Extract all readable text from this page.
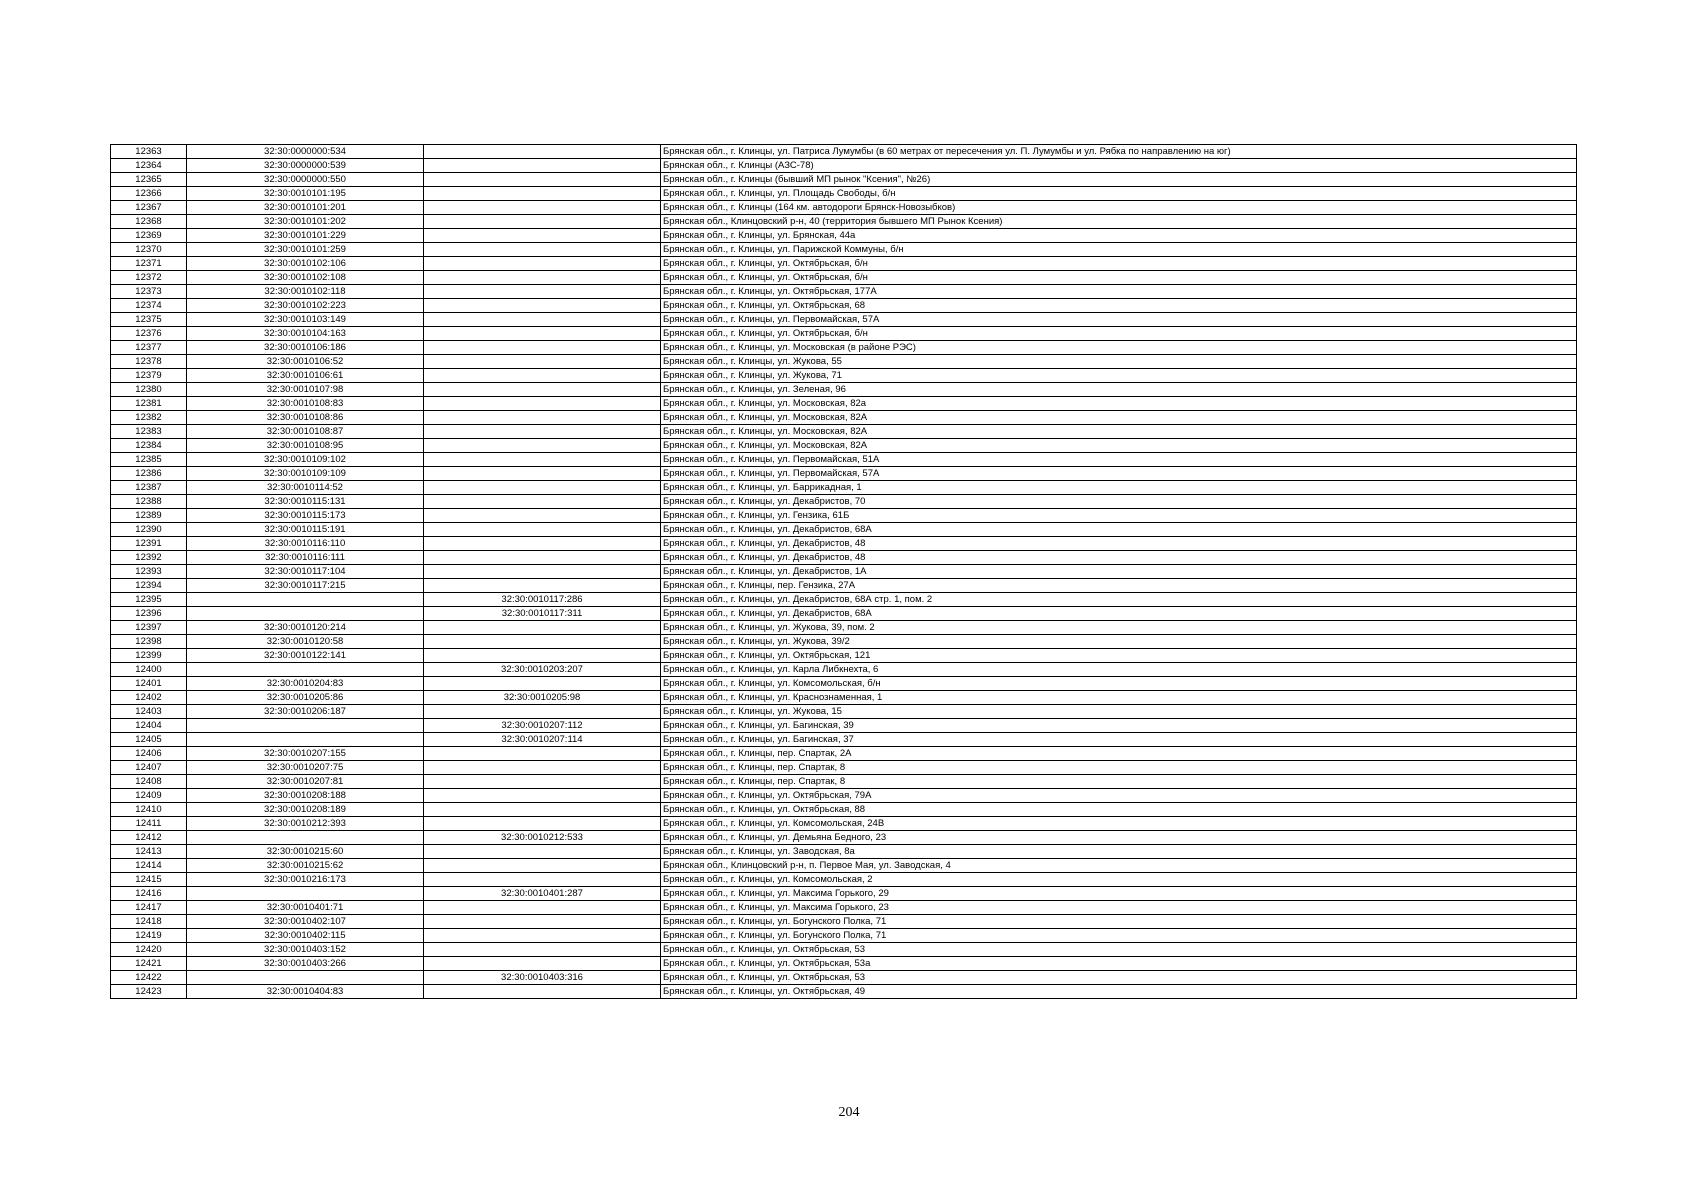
12363	32:30:0000000:534		Брянская обл., г. Клинцы, ул. Патриса Лумумбы (в 60 метрах от пересечения ул. П. Лумумбы и ул. Рябка по направлению на юг)
12364	32:30:0000000:539		Брянская обл., г. Клинцы (АЗС-78)
12365	32:30:0000000:550		Брянская обл., г. Клинцы (бывший МП рынок "Ксения", №26)
12366	32:30:0010101:195		Брянская обл., г. Клинцы, ул. Площадь Свободы, б/н
12367	32:30:0010101:201		Брянская обл., г. Клинцы (164 км. автодороги Брянск-Новозыбков)
12368	32:30:0010101:202		Брянская обл., Клинцовский р-н, 40 (территория бывшего МП Рынок Ксения)
12369	32:30:0010101:229		Брянская обл., г. Клинцы, ул. Брянская, 44а
12370	32:30:0010101:259		Брянская обл., г. Клинцы, ул. Парижской Коммуны, б/н
12371	32:30:0010102:106		Брянская обл., г. Клинцы, ул. Октябрьская, б/н
12372	32:30:0010102:108		Брянская обл., г. Клинцы, ул. Октябрьская, б/н
12373	32:30:0010102:118		Брянская обл., г. Клинцы, ул. Октябрьская, 177А
12374	32:30:0010102:223		Брянская обл., г. Клинцы, ул. Октябрьская, 68
12375	32:30:0010103:149		Брянская обл., г. Клинцы, ул. Первомайская, 57А
12376	32:30:0010104:163		Брянская обл., г. Клинцы, ул. Октябрьская, б/н
12377	32:30:0010106:186		Брянская обл., г. Клинцы, ул. Московская (в районе РЭС)
12378	32:30:0010106:52		Брянская обл., г. Клинцы, ул. Жукова, 55
12379	32:30:0010106:61		Брянская обл., г. Клинцы, ул. Жукова, 71
12380	32:30:0010107:98		Брянская обл., г. Клинцы, ул. Зеленая, 96
12381	32:30:0010108:83		Брянская обл., г. Клинцы, ул. Московская, 82а
12382	32:30:0010108:86		Брянская обл., г. Клинцы, ул. Московская, 82А
12383	32:30:0010108:87		Брянская обл., г. Клинцы, ул. Московская, 82А
12384	32:30:0010108:95		Брянская обл., г. Клинцы, ул. Московская, 82А
12385	32:30:0010109:102		Брянская обл., г. Клинцы, ул. Первомайская, 51А
12386	32:30:0010109:109		Брянская обл., г. Клинцы, ул. Первомайская, 57А
12387	32:30:0010114:52		Брянская обл., г. Клинцы, ул. Баррикадная, 1
12388	32:30:0010115:131		Брянская обл., г. Клинцы, ул. Декабристов, 70
12389	32:30:0010115:173		Брянская обл., г. Клинцы, ул. Гензика, 61Б
12390	32:30:0010115:191		Брянская обл., г. Клинцы, ул. Декабристов, 68А
12391	32:30:0010116:110		Брянская обл., г. Клинцы, ул. Декабристов, 48
12392	32:30:0010116:111		Брянская обл., г. Клинцы, ул. Декабристов, 48
12393	32:30:0010117:104		Брянская обл., г. Клинцы, ул. Декабристов, 1А
12394	32:30:0010117:215		Брянская обл., г. Клинцы, пер. Гензика, 27А
12395		32:30:0010117:286	Брянская обл., г. Клинцы, ул. Декабристов, 68А стр. 1, пом. 2
12396		32:30:0010117:311	Брянская обл., г. Клинцы, ул. Декабристов, 68А
12397	32:30:0010120:214		Брянская обл., г. Клинцы, ул. Жукова, 39, пом. 2
12398	32:30:0010120:58		Брянская обл., г. Клинцы, ул. Жукова, 39/2
12399	32:30:0010122:141		Брянская обл., г. Клинцы, ул. Октябрьская, 121
12400		32:30:0010203:207	Брянская обл., г. Клинцы, ул. Карла Либкнехта, 6
12401	32:30:0010204:83		Брянская обл., г. Клинцы, ул. Комсомольская, б/н
12402	32:30:0010205:86	32:30:0010205:98	Брянская обл., г. Клинцы, ул. Краснознаменная, 1
12403	32:30:0010206:187		Брянская обл., г. Клинцы, ул. Жукова, 15
12404		32:30:0010207:112	Брянская обл., г. Клинцы, ул. Багинская, 39
12405		32:30:0010207:114	Брянская обл., г. Клинцы, ул. Багинская, 37
12406	32:30:0010207:155		Брянская обл., г. Клинцы, пер. Спартак, 2А
12407	32:30:0010207:75		Брянская обл., г. Клинцы, пер. Спартак, 8
12408	32:30:0010207:81		Брянская обл., г. Клинцы, пер. Спартак, 8
12409	32:30:0010208:188		Брянская обл., г. Клинцы, ул. Октябрьская, 79А
12410	32:30:0010208:189		Брянская обл., г. Клинцы, ул. Октябрьская, 88
12411	32:30:0010212:393		Брянская обл., г. Клинцы, ул. Комсомольская, 24В
12412		32:30:0010212:533	Брянская обл., г. Клинцы, ул. Демьяна Бедного, 23
12413	32:30:0010215:60		Брянская обл., г. Клинцы, ул. Заводская, 8а
12414	32:30:0010215:62		Брянская обл., Клинцовский р-н, п. Первое Мая, ул. Заводская, 4
12415	32:30:0010216:173		Брянская обл., г. Клинцы, ул. Комсомольская, 2
12416		32:30:0010401:287	Брянская обл., г. Клинцы, ул. Максима Горького, 29
12417	32:30:0010401:71		Брянская обл., г. Клинцы, ул. Максима Горького, 23
12418	32:30:0010402:107		Брянская обл., г. Клинцы, ул. Богунского Полка, 71
12419	32:30:0010402:115		Брянская обл., г. Клинцы, ул. Богунского Полка, 71
12420	32:30:0010403:152		Брянская обл., г. Клинцы, ул. Октябрьская, 53
12421	32:30:0010403:266		Брянская обл., г. Клинцы, ул. Октябрьская, 53а
12422		32:30:0010403:316	Брянская обл., г. Клинцы, ул. Октябрьская, 53
12423	32:30:0010404:83		Брянская обл., г. Клинцы, ул. Октябрьская, 49
204
